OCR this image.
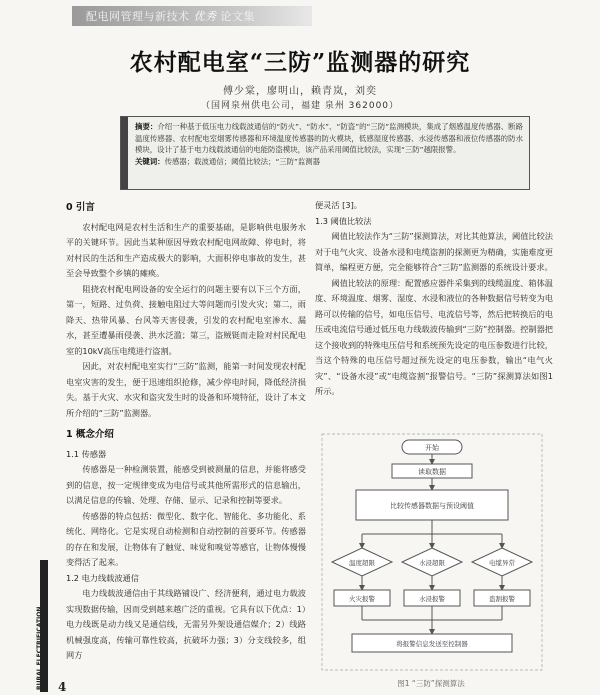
配电网管理与新技术 优秀 论文集
农村配电室“三防”监测器的研究
傅少棠，廖明山，赖青岚，刘奕
（国网泉州供电公司，福建 泉州 362000）
摘要：介绍一种基于低压电力线载波通信的“防火”、“防水”、“防盗”的“三防”监测模块，集成了烟感温度传感器、断路温度传感器、农村配电室烟雾传感器和环境温度传感器的防火模块，低感湿度传感器、水浸传感器和液位传感器的防水模块，设计了基于电力线载波通信的电能防盗模块，该产品采用阈值比较法，实现“三防”越限报警。
关键词：传感器；载波通信；阈值比较法；“三防”监测器

0 引言

农村配电网是农村生活和生产的重要基础，是影响供电服务水平的关键环节。因此当某种原因导致农村配电网故障、停电时，将对村民的生活和生产造成极大的影响，大面积停电事故的发生，甚至会导致整个乡镇的瘫痪。

阻挠农村配电网设备的安全运行的问题主要有以下三个方面，第一，短路、过负荷、接触电阻过大等问题而引发火灾；第二，雨降天、热带风暴、台风等天害侵袭，引发的农村配电室渗水、漏水，甚至遭暴雨侵袭、洪水泛滥；第三，盗贼铤而走险对村民配电室的10kV高压电缆进行盗割。

因此，对农村配电室实行“三防”监测，能第一时间发现农村配电室灾害的发生，便于迅速组织抢修，减少停电时间，降低经济损失。基于火灾、水灾和盗灾发生时的设备和环境特征，设计了本文所介绍的“三防”监测器。

1 概念介绍

1.1 传感器

传感器是一种检测装置，能感受到被测量的信息，并能将感受到的信息，按一定规律变成为电信号或其他所需形式的信息输出，以满足信息的传输、处理、存储、显示、记录和控制等要求。

传感器的特点包括：微型化、数字化、智能化、多功能化、系统化、网络化。它是实现自动检测和自动控制的首要环节。传感器的存在和发展，让物体有了触觉、味觉和嗅觉等感官，让物体慢慢变得活了起来。

1.2 电力线载波通信

电力线载波通信由于其线路铺设广、经济便利，通过电力载波实现数据传输，因而受到越来越广泛的重视。它具有以下优点：1）电力线既是动力线又是通信线，无需另外架设通信媒介；2）线路机械强度高，传输可靠性较高，抗破坏力强；3）分支线较多，组网方

便灵活 [3]。

1.3 阈值比较法

阈值比较法作为“三防”探测算法，对比其他算法，阈值比较法对于电气火灾、设备水浸和电缆盗割的探测更为精确，实施难度更简单，编程更方便，完全能够符合“三防”监测器的系统设计要求。

阈值比较法的原理：配置感应器件采集到的线缆温度、箱体温度、环境温度、烟雾、湿度、水浸和液位的各种数据信号转变为电路可以传输的信号，如电压信号、电流信号等，然后把转换后的电压或电流信号通过低压电力线载波传输到“三防”控制器。控制器把这个接收到的特殊电压信号和系统预先设定的电压参数进行比较，当这个特殊的电压信号超过预先设定的电压参数，输出“电气火灾”、“设备水浸”或“电缆盗割”报警信号。“三防”探测算法如图1所示。

开始
读取数据
比较传感器数据与预设阈值
温度超限	水浸超限	电缆异常
火灾报警	水浸报警	盗割报警
将报警信息发送至控制器
图1 “三防”探测算法
RURAL ELECTRIFICATION 4
